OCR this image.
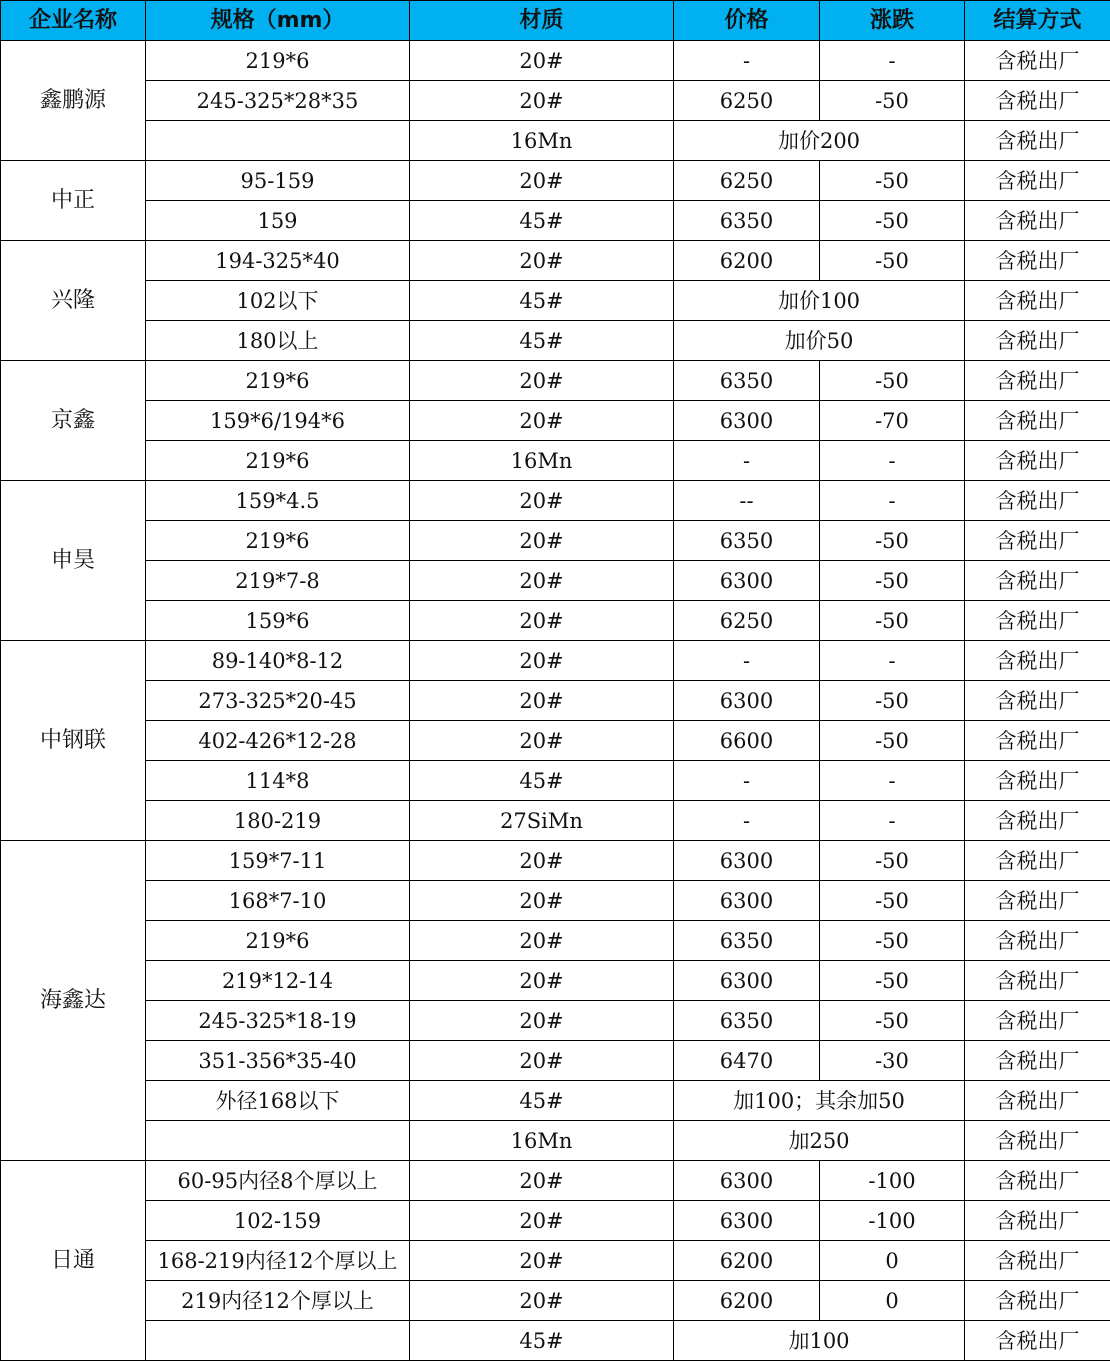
企业名称	规格（mm）	材质	价格	涨跌	结算方式
鑫鹏源	219*6	20#	-	-	含税出厂
	245-325*28*35	20#	6250	-50	含税出厂
		16Mn	加价200		含税出厂
中正	95-159	20#	6250	-50	含税出厂
	159	45#	6350	-50	含税出厂
兴隆	194-325*40	20#	6200	-50	含税出厂
	102以下	45#	加价100		含税出厂
	180以上	45#	加价50		含税出厂
京鑫	219*6	20#	6350	-50	含税出厂
	159*6/194*6	20#	6300	-70	含税出厂
	219*6	16Mn	-	-	含税出厂
申昊	159*4.5	20#	--	-	含税出厂
	219*6	20#	6350	-50	含税出厂
	219*7-8	20#	6300	-50	含税出厂
	159*6	20#	6250	-50	含税出厂
中钢联	89-140*8-12	20#	-	-	含税出厂
	273-325*20-45	20#	6300	-50	含税出厂
	402-426*12-28	20#	6600	-50	含税出厂
	114*8	45#	-	-	含税出厂
	180-219	27SiMn	-	-	含税出厂
海鑫达	159*7-11	20#	6300	-50	含税出厂
	168*7-10	20#	6300	-50	含税出厂
	219*6	20#	6350	-50	含税出厂
	219*12-14	20#	6300	-50	含税出厂
	245-325*18-19	20#	6350	-50	含税出厂
	351-356*35-40	20#	6470	-30	含税出厂
	外径168以下	45#	加100；其余加50		含税出厂
		16Mn	加250		含税出厂
日通	60-95内径8个厚以上	20#	6300	-100	含税出厂
	102-159	20#	6300	-100	含税出厂
	168-219内径12个厚以上	20#	6200	0	含税出厂
	219内径12个厚以上	20#	6200	0	含税出厂
		45#	加100		含税出厂
